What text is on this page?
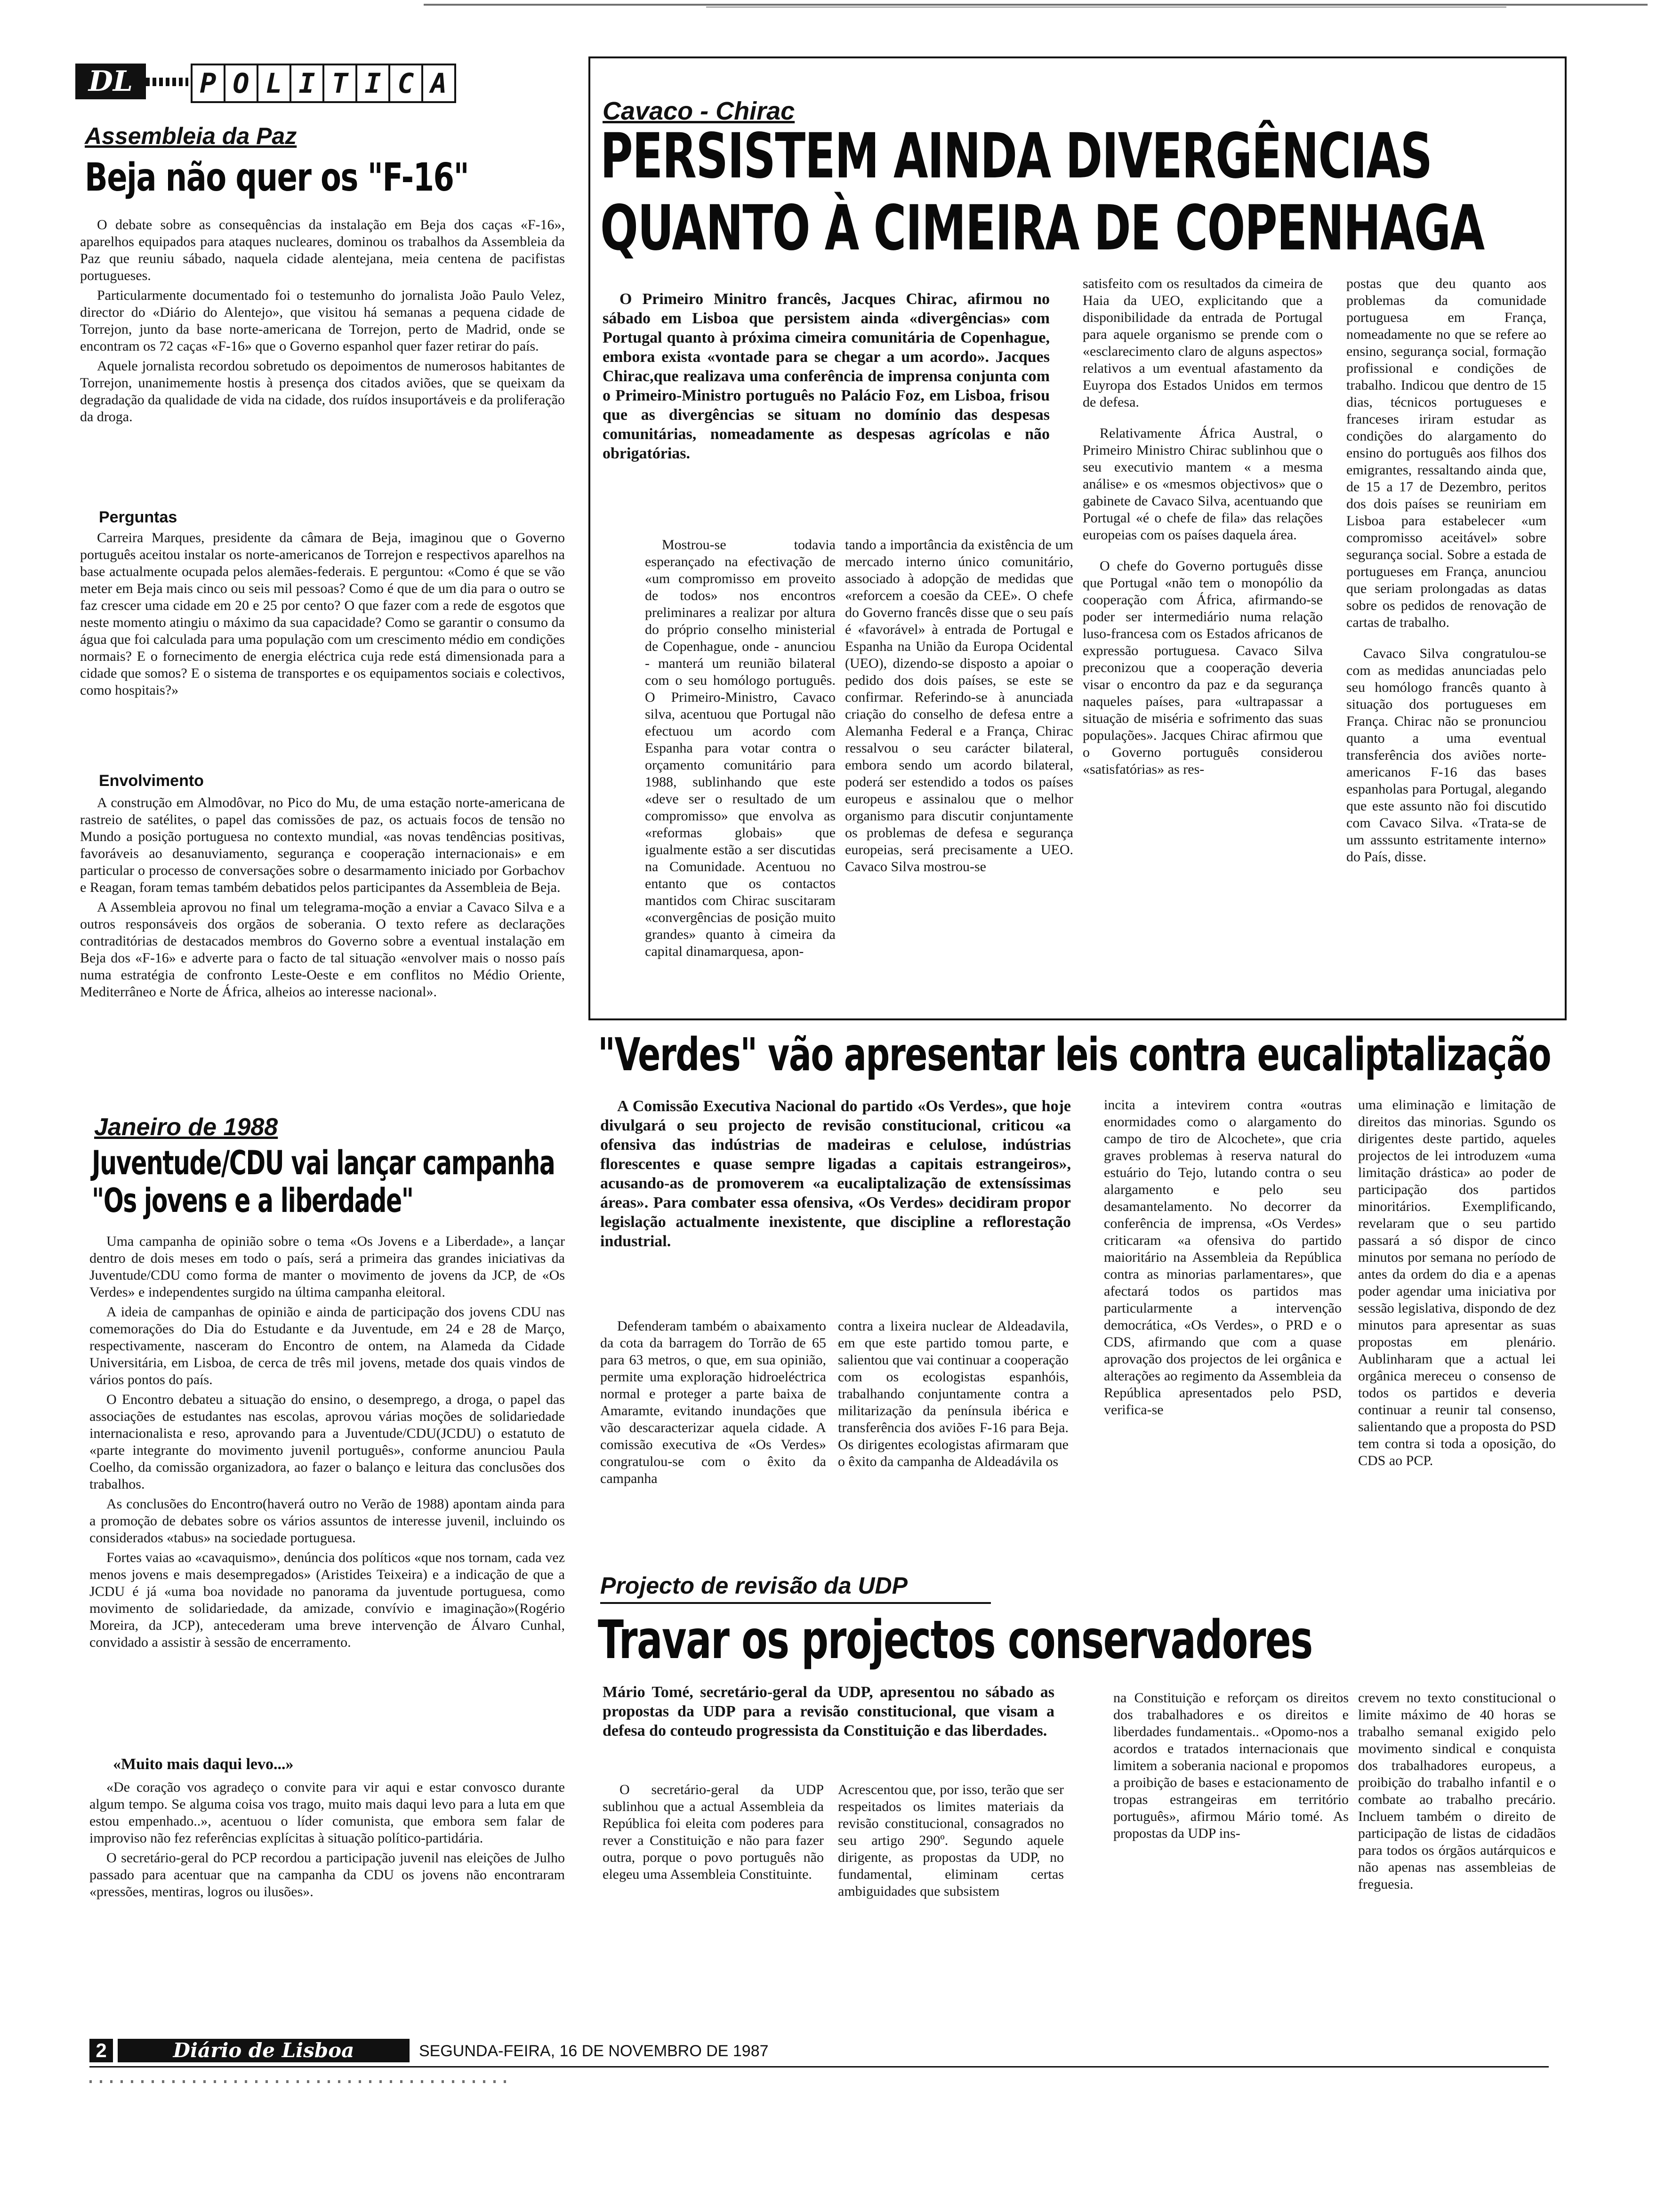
DL	P O L I T I C A
Assembleia da Paz
Beja não quer os "F-16"

O debate sobre as consequências da instalação em Beja dos caças «F-16», aparelhos equipados para ataques nucleares, dominou os trabalhos da Assembleia da Paz que reuniu sábado, naquela cidade alentejana, meia centena de pacifistas portugueses.

Particularmente documentado foi o testemunho do jornalista João Paulo Velez, director do «Diário do Alentejo», que visitou há semanas a pequena cidade de Torrejon, junto da base norte-americana de Torrejon, perto de Madrid, onde se encontram os 72 caças «F-16» que o Governo espanhol quer fazer retirar do país.

Aquele jornalista recordou sobretudo os depoimentos de numerosos habitantes de Torrejon, unanimemente hostis à presença dos citados aviões, que se queixam da degradação da qualidade de vida na cidade, dos ruídos insuportáveis e da proliferação da droga.

Perguntas

Carreira Marques, presidente da câmara de Beja, imaginou que o Governo português aceitou instalar os norte-americanos de Torrejon e respectivos aparelhos na base actualmente ocupada pelos alemães-federais. E perguntou: «Como é que se vão meter em Beja mais cinco ou seis mil pessoas? Como é que de um dia para o outro se faz crescer uma cidade em 20 e 25 por cento? O que fazer com a rede de esgotos que neste momento atingiu o máximo da sua capacidade? Como se garantir o consumo da água que foi calculada para uma população com um crescimento médio em condições normais? E o fornecimento de energia eléctrica cuja rede está dimensionada para a cidade que somos? E o sistema de transportes e os equipamentos sociais e colectivos, como hospitais?»

Envolvimento

A construção em Almodôvar, no Pico do Mu, de uma estação norte-americana de rastreio de satélites, o papel das comissões de paz, os actuais focos de tensão no Mundo a posição portuguesa no contexto mundial, «as novas tendências positivas, favoráveis ao desanuviamento, segurança e cooperação internacionais» e em particular o processo de conversações sobre o desarmamento iniciado por Gorbachov e Reagan, foram temas também debatidos pelos participantes da Assembleia de Beja.

A Assembleia aprovou no final um telegrama-moção a enviar a Cavaco Silva e a outros responsáveis dos orgãos de soberania. O texto refere as declarações contraditórias de destacados membros do Governo sobre a eventual instalação em Beja dos «F-16» e adverte para o facto de tal situação «envolver mais o nosso país numa estratégia de confronto Leste-Oeste e em conflitos no Médio Oriente, Mediterrâneo e Norte de África, alheios ao interesse nacional».

Cavaco - Chirac
PERSISTEM AINDA DIVERGÊNCIAS
QUANTO À CIMEIRA DE COPENHAGA

O Primeiro Minitro francês, Jacques Chirac, afirmou no sábado em Lisboa que persistem ainda «divergências» com Portugal quanto à próxima cimeira comunitária de Copenhague, embora exista «vontade para se chegar a um acordo». Jacques Chirac,que realizava uma conferência de imprensa conjunta com o Primeiro-Ministro português no Palácio Foz, em Lisboa, frisou que as divergências se situam no domínio das despesas comunitárias, nomeadamente as despesas agrícolas e não obrigatórias.

Mostrou-se todavia esperançado na efectivação de «um compromisso em proveito de todos» nos encontros preliminares a realizar por altura do próprio conselho ministerial de Copenhague, onde - anunciou - manterá um reunião bilateral com o seu homólogo português. O Primeiro-Ministro, Cavaco silva, acentuou que Portugal não efectuou um acordo com Espanha para votar contra o orçamento comunitário para 1988, sublinhando que este «deve ser o resultado de um compromisso» que envolva as «reformas globais» que igualmente estão a ser discutidas na Comunidade. Acentuou no entanto que os contactos mantidos com Chirac suscitaram «convergências de posição muito grandes» quanto à cimeira da capital dinamarquesa, apon-

tando a importância da existência de um mercado interno único comunitário, associado à adopção de medidas que «reforcem a coesão da CEE». O chefe do Governo francês disse que o seu país é «favorável» à entrada de Portugal e Espanha na União da Europa Ocidental (UEO), dizendo-se disposto a apoiar o pedido dos dois países, se este se confirmar. Referindo-se à anunciada criação do conselho de defesa entre a Alemanha Federal e a França, Chirac ressalvou o seu carácter bilateral, embora sendo um acordo bilateral, poderá ser estendido a todos os países europeus e assinalou que o melhor organismo para discutir conjuntamente os problemas de defesa e segurança europeias, será precisamente a UEO. Cavaco Silva mostrou-se

satisfeito com os resultados da cimeira de Haia da UEO, explicitando que a disponibilidade da entrada de Portugal para aquele organismo se prende com o «esclarecimento claro de alguns aspectos» relativos a um eventual afastamento da Euyropa dos Estados Unidos em termos de defesa.

Relativamente África Austral, o Primeiro Ministro Chirac sublinhou que o seu executivio mantem « a mesma análise» e os «mesmos objectivos» que o gabinete de Cavaco Silva, acentuando que Portugal «é o chefe de fila» das relações europeias com os países daquela área.

O chefe do Governo português disse que Portugal «não tem o monopólio da cooperação com África, afirmando-se poder ser intermediário numa relação luso-francesa com os Estados africanos de expressão portuguesa. Cavaco Silva preconizou que a cooperação deveria visar o encontro da paz e da segurança naqueles países, para «ultrapassar a situação de miséria e sofrimento das suas populações». Jacques Chirac afirmou que o Governo português considerou «satisfatórias» as res-

postas que deu quanto aos problemas da comunidade portuguesa em França, nomeadamente no que se refere ao ensino, segurança social, formação profissional e condições de trabalho. Indicou que dentro de 15 dias, técnicos portugueses e franceses iriram estudar as condições do alargamento do ensino do português aos filhos dos emigrantes, ressaltando ainda que, de 15 a 17 de Dezembro, peritos dos dois países se reuniriam em Lisboa para estabelecer «um compromisso aceitável» sobre segurança social. Sobre a estada de portugueses em França, anunciou que seriam prolongadas as datas sobre os pedidos de renovação de cartas de trabalho.

Cavaco Silva congratulou-se com as medidas anunciadas pelo seu homólogo francês quanto à situação dos portugueses em França. Chirac não se pronunciou quanto a uma eventual transferência dos aviões norte-americanos F-16 das bases espanholas para Portugal, alegando que este assunto não foi discutido com Cavaco Silva. «Trata-se de um asssunto estritamente interno» do País, disse.

"Verdes" vão apresentar leis contra eucaliptalização

A Comissão Executiva Nacional do partido «Os Verdes», que hoje divulgará o seu projecto de revisão constitucional, criticou «a ofensiva das indústrias de madeiras e celulose, indústrias florescentes e quase sempre ligadas a capitais estrangeiros», acusando-as de promoverem «a eucaliptalização de extensíssimas áreas». Para combater essa ofensiva, «Os Verdes» decidiram propor legislação actualmente inexistente, que discipline a reflorestação industrial.

Defenderam também o abaixamento da cota da barragem do Torrão de 65 para 63 metros, o que, em sua opinião, permite uma exploração hidroeléctrica normal e proteger a parte baixa de Amaramte, evitando inundações que vão descaracterizar aquela cidade. A comissão executiva de «Os Verdes» congratulou-se com o êxito da campanha

contra a lixeira nuclear de Aldeadavila, em que este partido tomou parte, e salientou que vai continuar a cooperação com os ecologistas espanhóis, trabalhando conjuntamente contra a militarização da península ibérica e transferência dos aviões F-16 para Beja. Os dirigentes ecologistas afirmaram que o êxito da campanha de Aldeadávila os

incita a intevirem contra «outras enormidades como o alargamento do campo de tiro de Alcochete», que cria graves problemas à reserva natural do estuário do Tejo, lutando contra o seu alargamento e pelo seu desamantelamento. No decorrer da conferência de imprensa, «Os Verdes» criticaram «a ofensiva do partido maioritário na Assembleia da República contra as minorias parlamentares», que afectará todos os partidos mas particularmente a intervenção democrática, «Os Verdes», o PRD e o CDS, afirmando que com a quase aprovação dos projectos de lei orgânica e alterações ao regimento da Assembleia da República apresentados pelo PSD, verifica-se

uma eliminação e limitação de direitos das minorias. Sgundo os dirigentes deste partido, aqueles projectos de lei introduzem «uma limitação drástica» ao poder de participação dos partidos minoritários. Exemplificando, revelaram que o seu partido passará a só dispor de cinco minutos por semana no período de antes da ordem do dia e a apenas poder agendar uma iniciativa por sessão legislativa, dispondo de dez minutos para apresentar as suas propostas em plenário. Aublinharam que a actual lei orgânica mereceu o consenso de todos os partidos e deveria continuar a reunir tal consenso, salientando que a proposta do PSD tem contra si toda a oposição, do CDS ao PCP.

Janeiro de 1988
Juventude/CDU vai lançar campanha
"Os jovens e a liberdade"

Uma campanha de opinião sobre o tema «Os Jovens e a Liberdade», a lançar dentro de dois meses em todo o país, será a primeira das grandes iniciativas da Juventude/CDU como forma de manter o movimento de jovens da JCP, de «Os Verdes» e independentes surgido na última campanha eleitoral.

A ideia de campanhas de opinião e ainda de participação dos jovens CDU nas comemorações do Dia do Estudante e da Juventude, em 24 e 28 de Março, respectivamente, nasceram do Encontro de ontem, na Alameda da Cidade Universitária, em Lisboa, de cerca de três mil jovens, metade dos quais vindos de vários pontos do país.

O Encontro debateu a situação do ensino, o desemprego, a droga, o papel das associações de estudantes nas escolas, aprovou várias moções de solidariedade internacionalista e reso, aprovando para a Juventude/CDU(JCDU) o estatuto de «parte integrante do movimento juvenil português», conforme anunciou Paula Coelho, da comissão organizadora, ao fazer o balanço e leitura das conclusões dos trabalhos.

As conclusões do Encontro(haverá outro no Verão de 1988) apontam ainda para a promoção de debates sobre os vários assuntos de interesse juvenil, incluindo os considerados «tabus» na sociedade portuguesa.

Fortes vaias ao «cavaquismo», denúncia dos políticos «que nos tornam, cada vez menos jovens e mais desempregados» (Aristides Teixeira) e a indicação de que a JCDU é já «uma boa novidade no panorama da juventude portuguesa, como movimento de solidariedade, da amizade, convívio e imaginação»(Rogério Moreira, da JCP), antecederam uma breve intervenção de Álvaro Cunhal, convidado a assistir à sessão de encerramento.

«Muito mais daqui levo...»

«De coração vos agradeço o convite para vir aqui e estar convosco durante algum tempo. Se alguma coisa vos trago, muito mais daqui levo para a luta em que estou empenhado..», acentuou o líder comunista, que embora sem falar de improviso não fez referências explícitas à situação político-partidária.

O secretário-geral do PCP recordou a participação juvenil nas eleições de Julho passado para acentuar que na campanha da CDU os jovens não encontraram «pressões, mentiras, logros ou ilusões».

Projecto de revisão da UDP
Travar os projectos conservadores

Mário Tomé, secretário-geral da UDP, apresentou no sábado as propostas da UDP para a revisão constitucional, que visam a defesa do conteudo progressista da Constituição e das liberdades.

O secretário-geral da UDP sublinhou que a actual Assembleia da República foi eleita com poderes para rever a Constituição e não para fazer outra, porque o povo português não elegeu uma Assembleia Constituinte.

Acrescentou que, por isso, terão que ser respeitados os limites materiais da revisão constitucional, consagrados no seu artigo 290º. Segundo aquele dirigente, as propostas da UDP, no fundamental, eliminam certas ambiguidades que subsistem

na Constituição e reforçam os direitos dos trabalhadores e os direitos e liberdades fundamentais.. «Opomo-nos a acordos e tratados internacionais que limitem a soberania nacional e propomos a proibição de bases e estacionamento de tropas estrangeiras em território português», afirmou Mário tomé. As propostas da UDP ins-

crevem no texto constitucional o limite máximo de 40 horas se trabalho semanal exigido pelo movimento sindical e conquista dos trabalhadores europeus, a proibição do trabalho infantil e o combate ao trabalho precário. Incluem também o direito de participação de listas de cidadãos para todos os órgãos autárquicos e não apenas nas assembleias de freguesia.

2	Diário de Lisboa	SEGUNDA-FEIRA, 16 DE NOVEMBRO DE 1987
